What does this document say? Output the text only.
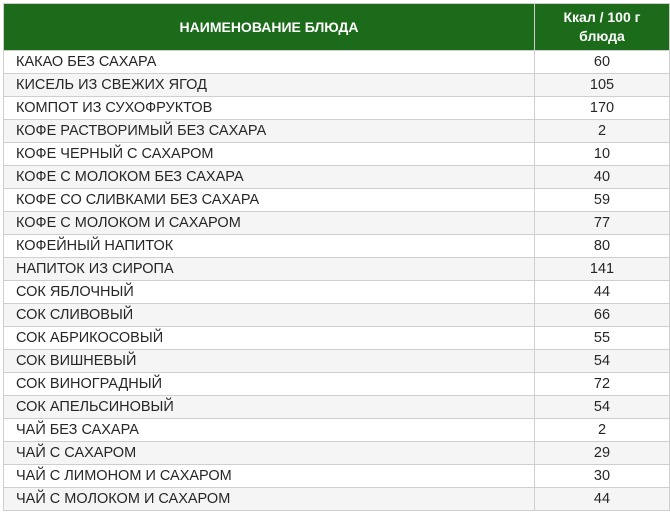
НАИМЕНОВАНИЕ БЛЮДА	Ккал / 100 г
блюда

КАКАО БЕЗ САХАРА	60
КИСЕЛЬ ИЗ СВЕЖИХ ЯГОД	105
КОМПОТ ИЗ СУХОФРУКТОВ	170
КОФЕ РАСТВОРИМЫЙ БЕЗ САХАРА	2
КОФЕ ЧЕРНЫЙ С САХАРОМ	10
КОФЕ С МОЛОКОМ БЕЗ САХАРА	40
КОФЕ СО СЛИВКАМИ БЕЗ САХАРА	59
КОФЕ С МОЛОКОМ И САХАРОМ	77
КОФЕЙНЫЙ НАПИТОК	80
НАПИТОК ИЗ СИРОПА	141
СОК ЯБЛОЧНЫЙ	44
СОК СЛИВОВЫЙ	66
СОК АБРИКОСОВЫЙ	55
СОК ВИШНЕВЫЙ	54
СОК ВИНОГРАДНЫЙ	72
СОК АПЕЛЬСИНОВЫЙ	54
ЧАЙ БЕЗ САХАРА	2
ЧАЙ С САХАРОМ	29
ЧАЙ С ЛИМОНОМ И САХАРОМ	30
ЧАЙ С МОЛОКОМ И САХАРОМ	44
